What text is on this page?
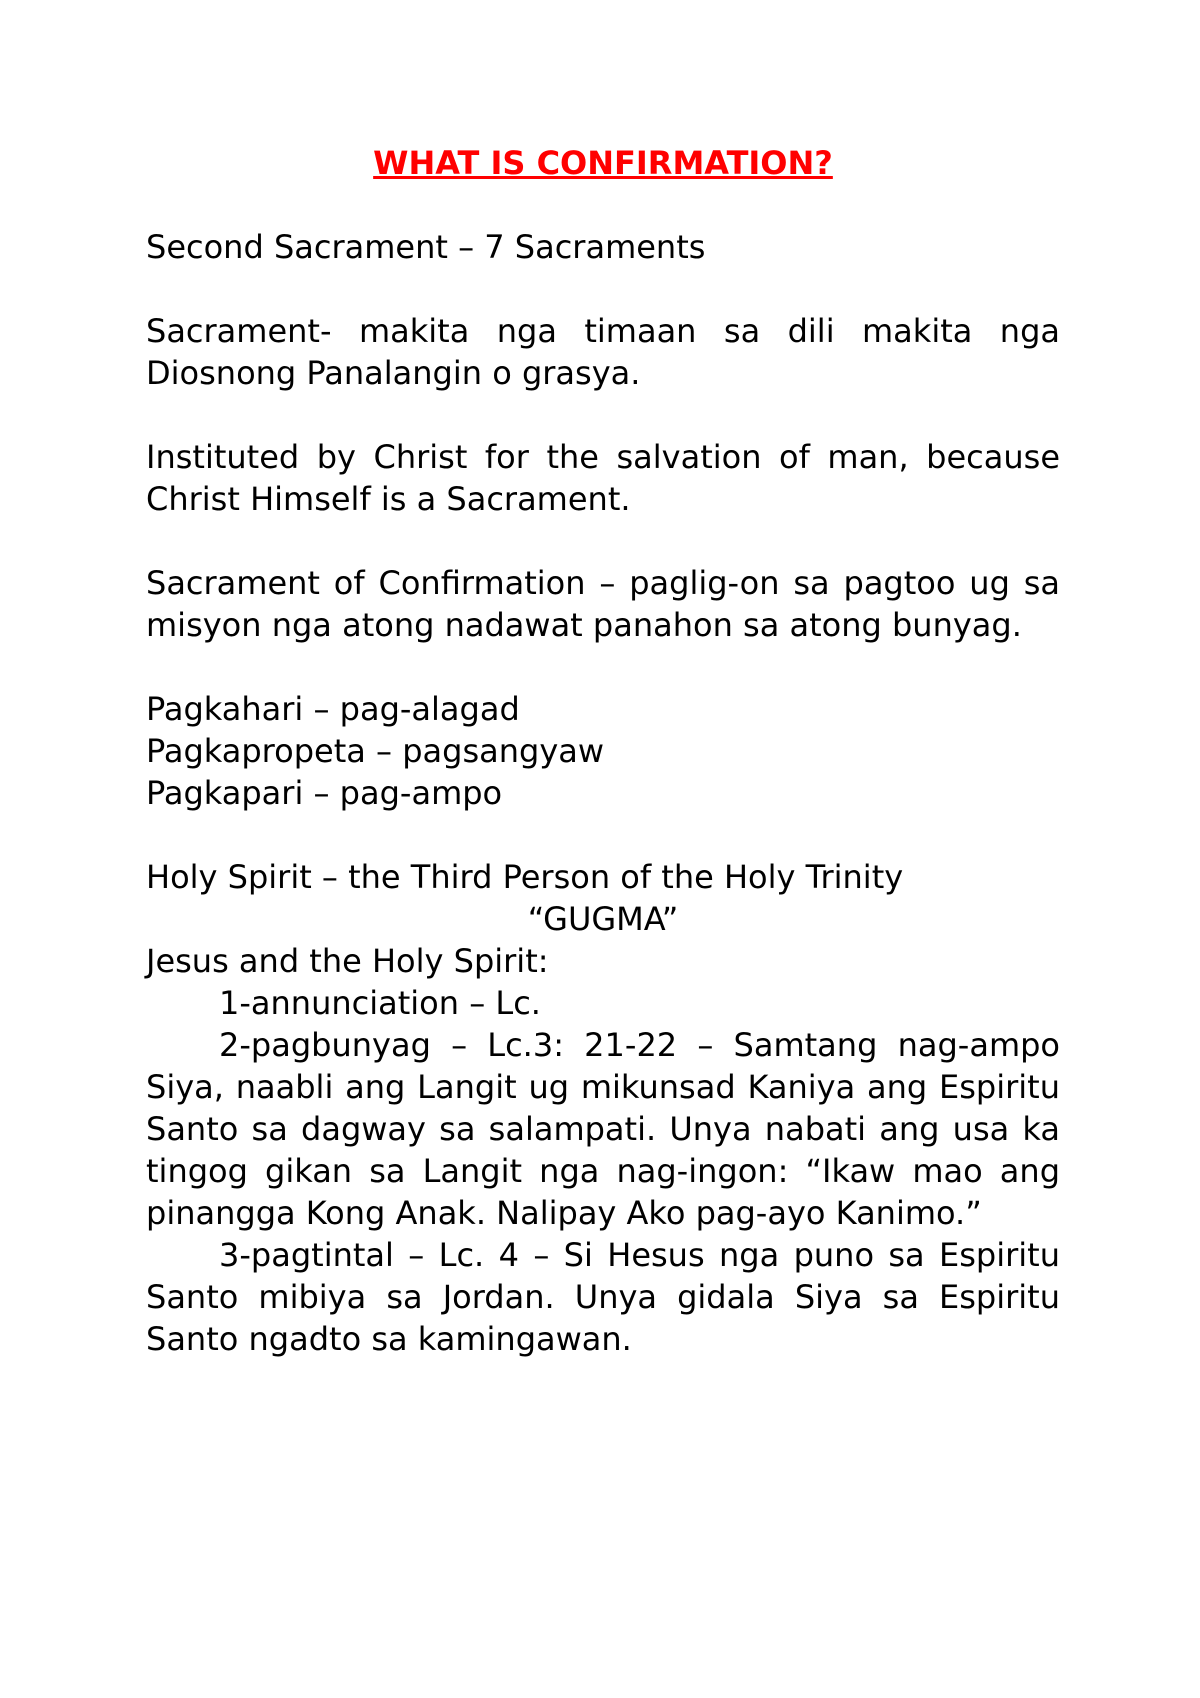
WHAT IS CONFIRMATION?

Second Sacrament – 7 Sacraments

Sacrament- makita nga timaan sa dili makita nga Diosnong Panalangin o grasya.

Instituted by Christ for the salvation of man, because Christ Himself is a Sacrament.

Sacrament of Confirmation – paglig-on sa pagtoo ug sa misyon nga atong nadawat panahon sa atong bunyag.

Pagkahari – pag-alagad

Pagkapropeta – pagsangyaw

Pagkapari – pag-ampo

Holy Spirit – the Third Person of the Holy Trinity

“GUGMA”

Jesus and the Holy Spirit:

1-annunciation – Lc.

2-pagbunyag – Lc.3: 21-22 – Samtang nag-ampo Siya, naabli ang Langit ug mikunsad Kaniya ang Espiritu Santo sa dagway sa salampati. Unya nabati ang usa ka tingog gikan sa Langit nga nag-ingon: “Ikaw mao ang pinangga Kong Anak. Nalipay Ako pag-ayo Kanimo.”

3-pagtintal – Lc. 4 – Si Hesus nga puno sa Espiritu Santo mibiya sa Jordan. Unya gidala Siya sa Espiritu Santo ngadto sa kamingawan.
